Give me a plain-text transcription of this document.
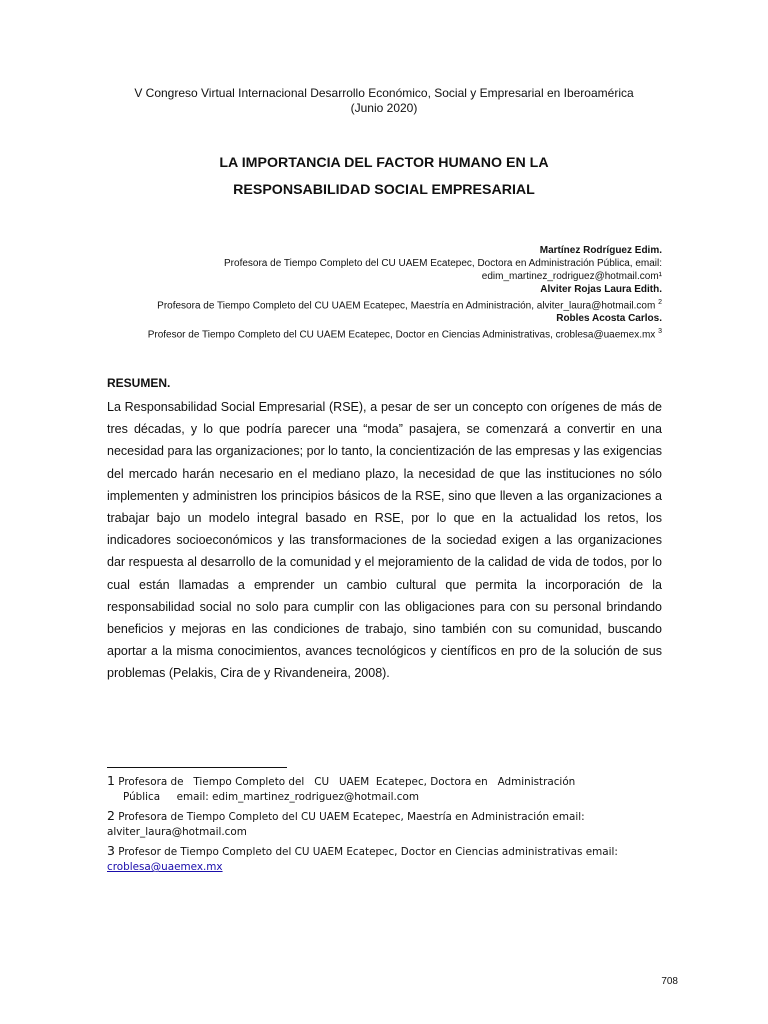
V Congreso Virtual Internacional Desarrollo Económico, Social y Empresarial en Iberoamérica
(Junio 2020)
LA IMPORTANCIA DEL FACTOR HUMANO EN LA
RESPONSABILIDAD SOCIAL EMPRESARIAL
Martínez Rodríguez Edim.
Profesora de Tiempo Completo del CU UAEM Ecatepec, Doctora en Administración Pública, email:
edim_martinez_rodriguez@hotmail.com¹
Alviter Rojas Laura Edith.
Profesora de Tiempo Completo del CU UAEM Ecatepec, Maestría en Administración, alviter_laura@hotmail.com $^2$
Robles Acosta Carlos.
Profesor de Tiempo Completo del CU UAEM Ecatepec, Doctor en Ciencias Administrativas, croblesa@uaemex.mx $^3$
RESUMEN.
La Responsabilidad Social Empresarial (RSE), a pesar de ser un concepto con orígenes de más de tres décadas, y lo que podría parecer una “moda” pasajera, se comenzará a convertir en una necesidad para las organizaciones; por lo tanto, la concientización de las empresas y las exigencias del mercado harán necesario en el mediano plazo, la necesidad de que las instituciones no sólo implementen y administren los principios básicos de la RSE, sino que lleven a las organizaciones a trabajar bajo un modelo integral basado en RSE, por lo que en la actualidad los retos, los indicadores socioeconómicos y las transformaciones de la sociedad exigen a las organizaciones dar respuesta al desarrollo de la comunidad y el mejoramiento de la calidad de vida de todos, por lo cual están llamadas a emprender un cambio cultural que permita la incorporación de la responsabilidad social no solo para cumplir con las obligaciones para con su personal brindando beneficios y mejoras en las condiciones de trabajo, sino también con su comunidad, buscando aportar a la misma conocimientos, avances tecnológicos y científicos en pro de la solución de sus problemas (Pelakis, Cira de y Rivandeneira, 2008).
1 Profesora de   Tiempo Completo del   CU   UAEM  Ecatepec, Doctora en   Administración
Pública     email: edim_martinez_rodriguez@hotmail.com
2 Profesora de Tiempo Completo del CU UAEM Ecatepec, Maestría en Administración email:
alviter_laura@hotmail.com
3 Profesor de Tiempo Completo del CU UAEM Ecatepec, Doctor en Ciencias administrativas email:
croblesa@uaemex.mx
708
